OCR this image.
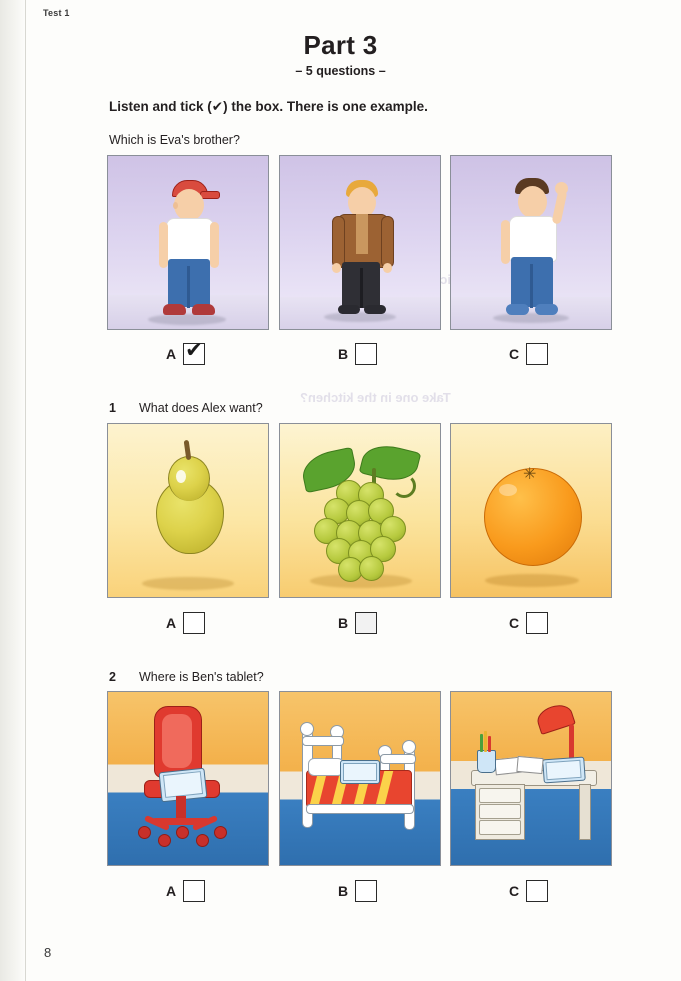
Test 1
Part 3
– 5 questions –
Listen and tick (✔) the box. There is one example.
Take one in the kitchen?
Which is Eva's brother?
A ✔	B	C
1 What does Alex want?
✳
A	B	C
2 Where is Ben's tablet?
A	B	C
8
